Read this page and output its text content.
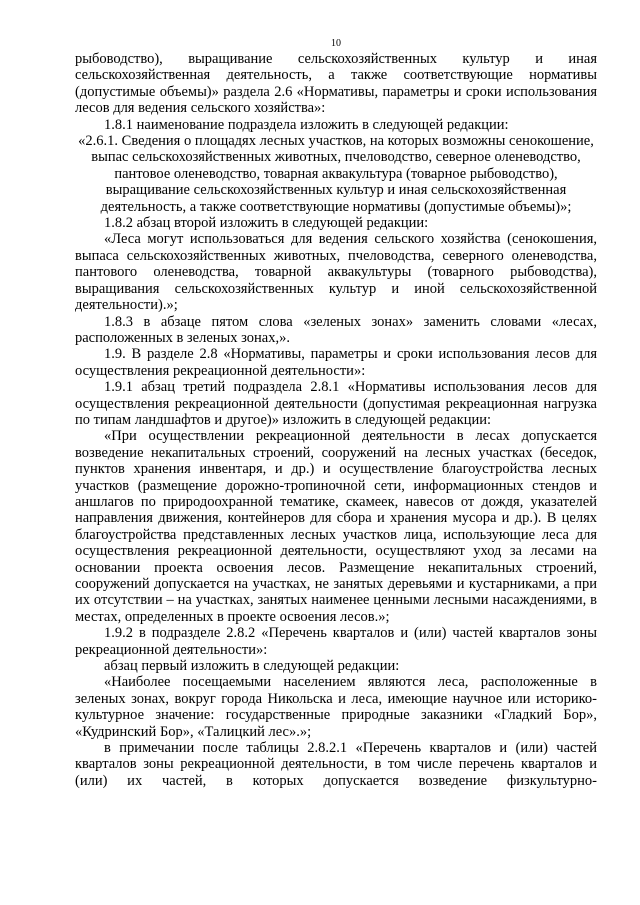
10

рыбоводство), выращивание сельскохозяйственных культур и иная сельскохозяйственная деятельность, а также соответствующие нормативы (допустимые объемы)» раздела 2.6 «Нормативы, параметры и сроки использования лесов для ведения сельского хозяйства»:

1.8.1 наименование подраздела изложить в следующей редакции:

«2.6.1. Сведения о площадях лесных участков, на которых возможны сенокошение, выпас сельскохозяйственных животных, пчеловодство, северное оленеводство, пантовое оленеводство, товарная аквакультура (товарное рыбоводство), выращивание сельскохозяйственных культур и иная сельскохозяйственная деятельность, а также соответствующие нормативы (допустимые объемы)»;

1.8.2 абзац второй изложить в следующей редакции:

«Леса могут использоваться для ведения сельского хозяйства (сенокошения, выпаса сельскохозяйственных животных, пчеловодства, северного оленеводства, пантового оленеводства, товарной аквакультуры (товарного рыбоводства), выращивания сельскохозяйственных культур и иной сельскохозяйственной деятельности).»;

1.8.3 в абзаце пятом слова «зеленых зонах» заменить словами «лесах, расположенных в зеленых зонах,».

1.9. В разделе 2.8 «Нормативы, параметры и сроки использования лесов для осуществления рекреационной деятельности»:

1.9.1 абзац третий подраздела 2.8.1 «Нормативы использования лесов для осуществления рекреационной деятельности (допустимая рекреационная нагрузка по типам ландшафтов и другое)» изложить в следующей редакции:

«При осуществлении рекреационной деятельности в лесах допускается возведение некапитальных строений, сооружений на лесных участках (беседок, пунктов хранения инвентаря, и др.) и осуществление благоустройства лесных участков (размещение дорожно-тропиночной сети, информационных стендов и аншлагов по природоохранной тематике, скамеек, навесов от дождя, указателей направления движения, контейнеров для сбора и хранения мусора и др.). В целях благоустройства представленных лесных участков лица, использующие леса для осуществления рекреационной деятельности, осуществляют уход за лесами на основании проекта освоения лесов. Размещение некапитальных строений, сооружений допускается на участках, не занятых деревьями и кустарниками, а при их отсутствии – на участках, занятых наименее ценными лесными насаждениями, в местах, определенных в проекте освоения лесов.»;

1.9.2 в подразделе 2.8.2 «Перечень кварталов и (или) частей кварталов зоны рекреационной деятельности»:

абзац первый изложить в следующей редакции:

«Наиболее посещаемыми населением являются леса, расположенные в зеленых зонах, вокруг города Никольска и леса, имеющие научное или историко-культурное значение: государственные природные заказники «Гладкий Бор», «Кудринский Бор», «Талицкий лес».»;

в примечании после таблицы 2.8.2.1 «Перечень кварталов и (или) частей кварталов зоны рекреационной деятельности, в том числе перечень кварталов и (или) их частей, в которых допускается возведение физкультурно-
